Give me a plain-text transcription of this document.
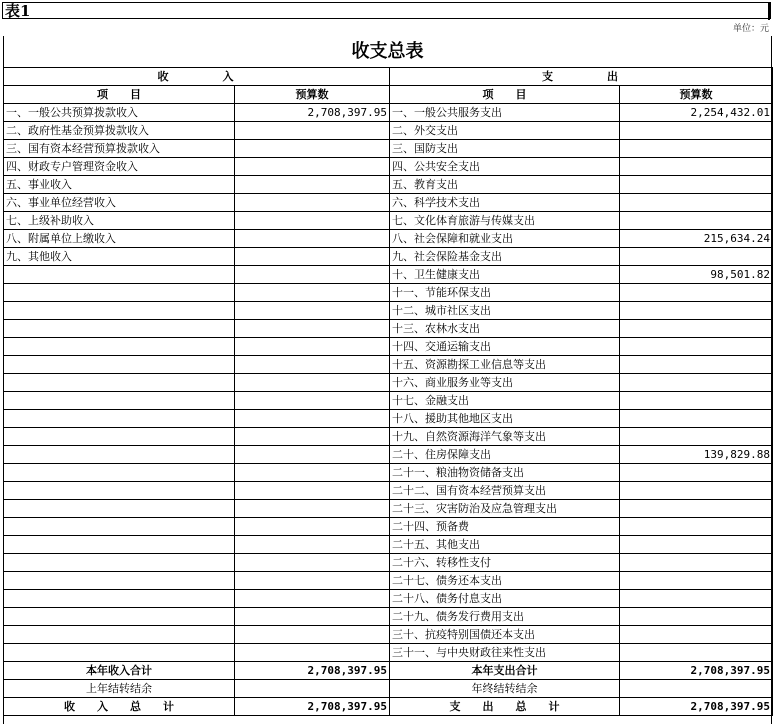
表1
单位：元
收支总表
收　　　　入		支　　　　出	
项　　目	预算数	项　　目	预算数
一、一般公共预算拨款收入	2,708,397.95	一、一般公共服务支出	2,254,432.01
二、政府性基金预算拨款收入		二、外交支出	
三、国有资本经营预算拨款收入		三、国防支出	
四、财政专户管理资金收入		四、公共安全支出	
五、事业收入		五、教育支出	
六、事业单位经营收入		六、科学技术支出	
七、上级补助收入		七、文化体育旅游与传媒支出	
八、附属单位上缴收入		八、社会保障和就业支出	215,634.24
九、其他收入		九、社会保险基金支出	
		十、卫生健康支出	98,501.82
		十一、节能环保支出	
		十二、城市社区支出	
		十三、农林水支出	
		十四、交通运输支出	
		十五、资源勘探工业信息等支出	
		十六、商业服务业等支出	
		十七、金融支出	
		十八、援助其他地区支出	
		十九、自然资源海洋气象等支出	
		二十、住房保障支出	139,829.88
		二十一、粮油物资储备支出	
		二十二、国有资本经营预算支出	
		二十三、灾害防治及应急管理支出	
		二十四、预备费	
		二十五、其他支出	
		二十六、转移性支付	
		二十七、债务还本支出	
		二十八、债务付息支出	
		二十九、债务发行费用支出	
		三十、抗疫特别国债还本支出	
		三十一、与中央财政往来性支出	
本年收入合计	2,708,397.95	本年支出合计	2,708,397.95
上年结转结余		年终结转结余	
收　　入　　总　　计	2,708,397.95	支　　出　　总　　计	2,708,397.95
